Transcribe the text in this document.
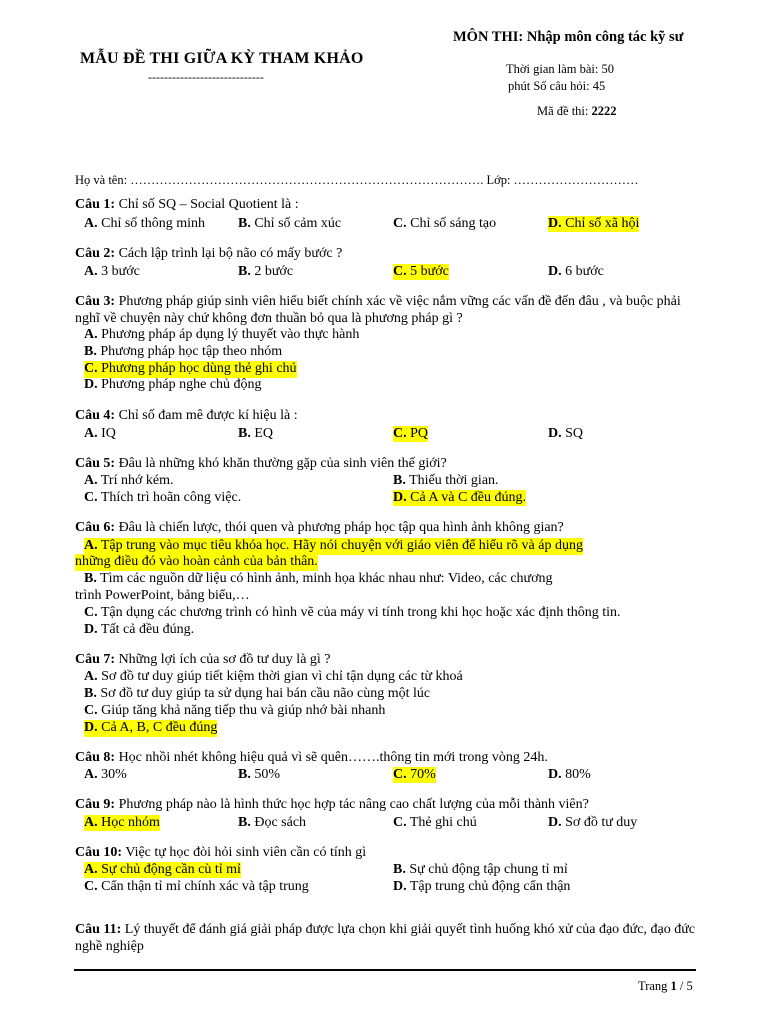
MẪU ĐỀ THI GIỮA KỲ THAM KHẢO
-----------------------------
MÔN THI: Nhập môn công tác kỹ sư
Thời gian làm bài: 50
phút Số câu hỏi: 45
Mã đề thi: 2222
Họ và tên: …………………………………………………………………………. Lớp: …………………………
Câu 1: Chỉ số SQ – Social Quotient là :
A. Chỉ số thông minh B. Chỉ số cảm xúc	C. Chỉ số sáng tạo	D. Chỉ số xã hội
Câu 2: Cách lập trình lại bộ não có mấy bước ?
A. 3 bước	B. 2 bước	C. 5 bước	D. 6 bước
Câu 3: Phương pháp giúp sinh viên hiểu biết chính xác về việc nắm vững các vấn đề đến đâu , và buộc phải nghĩ về chuyện này chứ không đơn thuần bỏ qua là phương pháp gì ?
A. Phương pháp áp dụng lý thuyết vào thực hành
B. Phương pháp học tập theo nhóm
C. Phương pháp học dùng thẻ ghi chú
D. Phương pháp nghe chủ động
Câu 4: Chỉ số đam mê được kí hiệu là :
A. IQ	B. EQ	C. PQ	D. SQ
Câu 5: Đâu là những khó khăn thường gặp của sinh viên thế giới?
A. Trí nhớ kém.	B. Thiếu thời gian.
C. Thích trì hoãn công việc.	D. Cả A và C đều đúng.
Câu 6: Đâu là chiến lược, thói quen và phương pháp học tập qua hình ảnh không gian?
A. Tập trung vào mục tiêu khóa học. Hãy nói chuyện với giáo viên để hiểu rõ và áp dụng
những điều đó vào hoàn cảnh của bản thân.
B. Tìm các nguồn dữ liệu có hình ảnh, minh họa khác nhau như: Video, các chương
trình PowerPoint, bảng biểu,…
C. Tận dụng các chương trình có hình vẽ của máy vi tính trong khi học hoặc xác định thông tin.
D. Tất cả đều đúng.
Câu 7: Những lợi ích của sơ đồ tư duy là gì ?
A. Sơ đồ tư duy giúp tiết kiệm thời gian vì chỉ tận dụng các từ khoá
B. Sơ đồ tư duy giúp ta sử dụng hai bán cầu não cùng một lúc
C. Giúp tăng khả năng tiếp thu và giúp nhớ bài nhanh
D. Cả A, B, C đều đúng
Câu 8: Học nhồi nhét không hiệu quả vì sẽ quên…….thông tin mới trong vòng 24h.
A. 30%	B. 50%	C. 70%	D. 80%
Câu 9: Phương pháp nào là hình thức học hợp tác nâng cao chất lượng của mỗi thành viên?
A. Học nhóm	B. Đọc sách	C. Thẻ ghi chú	D. Sơ đồ tư duy
Câu 10: Việc tự học đòi hỏi sinh viên cần có tính gì
A. Sự chủ động cần cù tỉ mỉ	B. Sự chủ động tập chung tỉ mỉ
C. Cẩn thận tỉ mỉ chính xác và tập trung	D. Tập trung chủ động cẩn thận
Câu 11: Lý thuyết để đánh giá giải pháp được lựa chọn khi giải quyết tình huống khó xử của đạo đức, đạo đức nghề nghiệp
Trang 1 / 5
